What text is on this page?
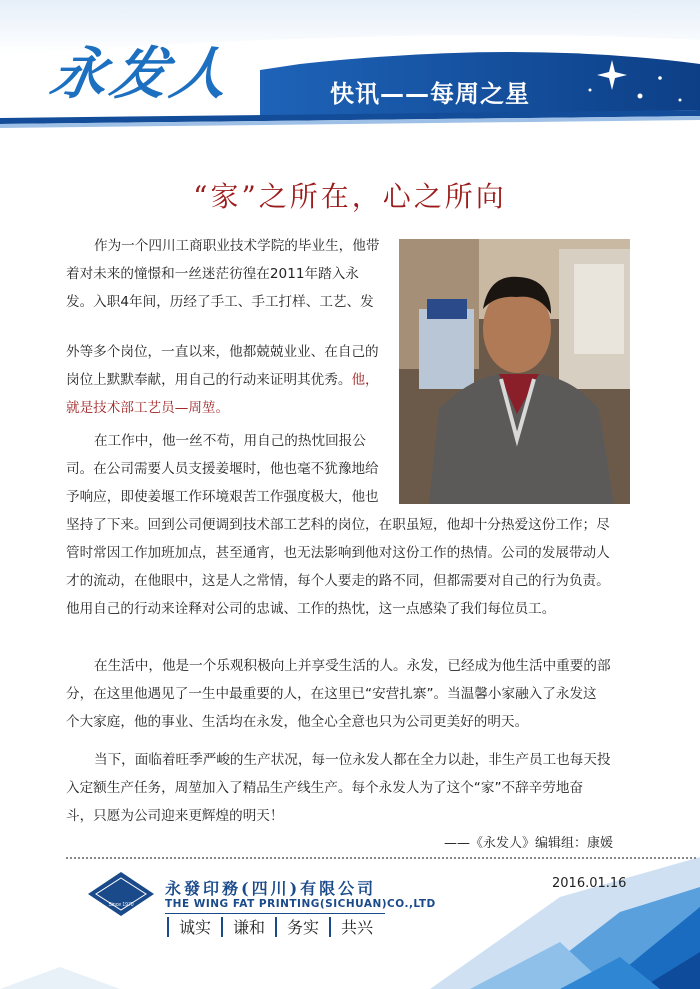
永发人	快讯——每周之星
“家”之所在，心之所向
作为一个四川工商职业技术学院的毕业生，他带
着对未来的憧憬和一丝迷茫彷徨在2011年踏入永
发。入职4年间，历经了手工、手工打样、工艺、发
外等多个岗位，一直以来，他都兢兢业业、在自己的
岗位上默默奉献，用自己的行动来证明其优秀。他，
就是技术部工艺员—周堃。
在工作中，他一丝不苟，用自己的热忱回报公
司。在公司需要人员支援姜堰时，他也毫不犹豫地给
予响应，即使姜堰工作环境艰苦工作强度极大，他也
坚持了下来。回到公司便调到技术部工艺科的岗位，在职虽短，他却十分热爱这份工作；尽
管时常因工作加班加点，甚至通宵，也无法影响到他对这份工作的热情。公司的发展带动人
才的流动，在他眼中，这是人之常情，每个人要走的路不同，但都需要对自己的行为负责。
他用自己的行动来诠释对公司的忠诚、工作的热忱，这一点感染了我们每位员工。
在生活中，他是一个乐观积极向上并享受生活的人。永发，已经成为他生活中重要的部
分，在这里他遇见了一生中最重要的人，在这里已“安营扎寨”。当温馨小家融入了永发这
个大家庭，他的事业、生活均在永发，他全心全意也只为公司更美好的明天。
当下，面临着旺季严峻的生产状况，每一位永发人都在全力以赴，非生产员工也每天投
入定额生产任务，周堃加入了精品生产线生产。每个永发人为了这个“家”不辞辛劳地奋
斗，只愿为公司迎来更辉煌的明天！
——《永发人》编辑组：康媛
Since 1970
永發印務(四川)有限公司
THE WING FAT PRINTING(SICHUAN)CO.,LTD
诚实 谦和 务实 共兴
2016.01.16
